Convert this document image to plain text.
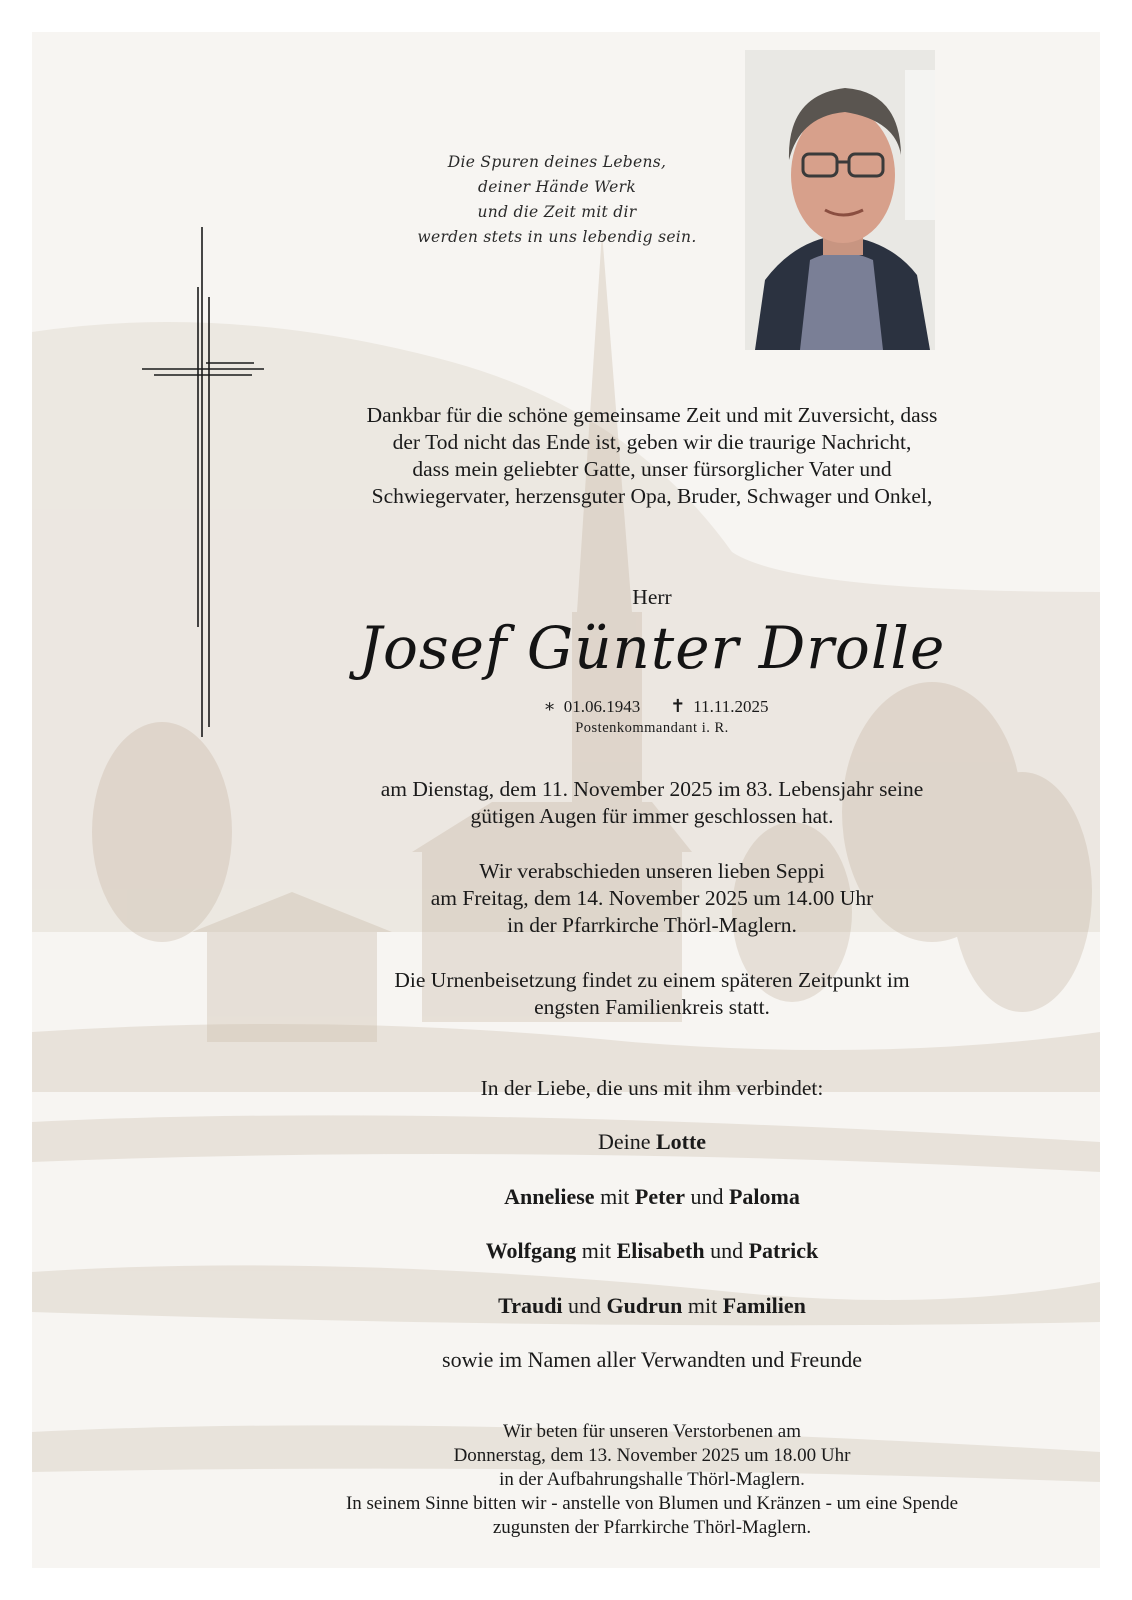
Die Spuren deines Lebens,
deiner Hände Werk
und die Zeit mit dir
werden stets in uns lebendig sein.
Dankbar für die schöne gemeinsame Zeit und mit Zuversicht, dass
der Tod nicht das Ende ist, geben wir die traurige Nachricht,
dass mein geliebter Gatte, unser fürsorglicher Vater und
Schwiegervater, herzensguter Opa, Bruder, Schwager und Onkel,
Herr
Josef Günter Drolle
∗ 01.06.1943 ✝ 11.11.2025
Postenkommandant i. R.
am Dienstag, dem 11. November 2025 im 83. Lebensjahr seine
gütigen Augen für immer geschlossen hat.
Wir verabschieden unseren lieben Seppi
am Freitag, dem 14. November 2025 um 14.00 Uhr
in der Pfarrkirche Thörl-Maglern.
Die Urnenbeisetzung findet zu einem späteren Zeitpunkt im
engsten Familienkreis statt.
In der Liebe, die uns mit ihm verbindet:
Deine Lotte
Anneliese mit Peter und Paloma
Wolfgang mit Elisabeth und Patrick
Traudi und Gudrun mit Familien
sowie im Namen aller Verwandten und Freunde
Wir beten für unseren Verstorbenen am
Donnerstag, dem 13. November 2025 um 18.00 Uhr
in der Aufbahrungshalle Thörl-Maglern.
In seinem Sinne bitten wir - anstelle von Blumen und Kränzen - um eine Spende
zugunsten der Pfarrkirche Thörl-Maglern.
